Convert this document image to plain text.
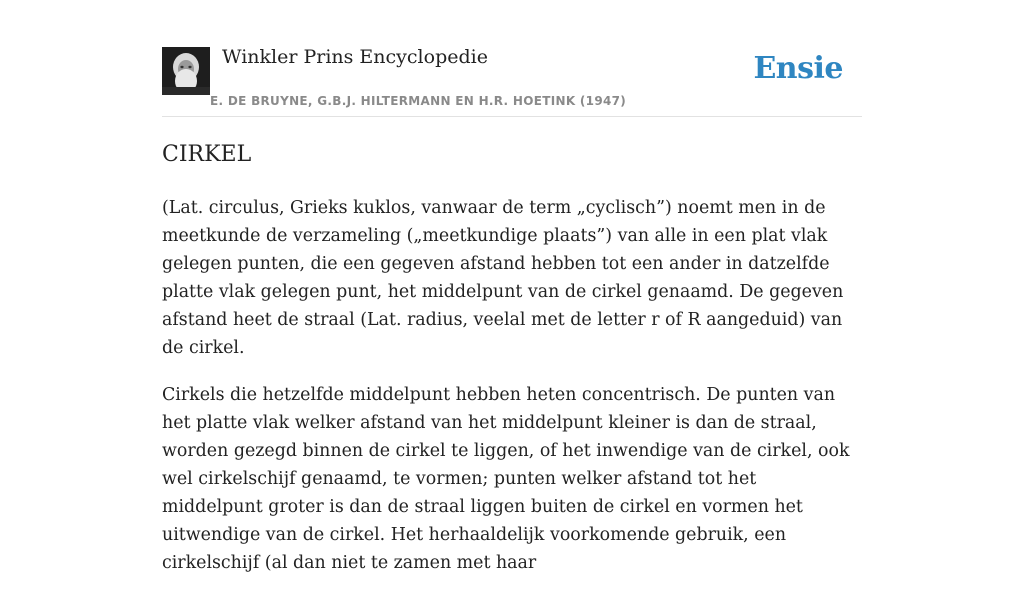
Winkler Prins Encyclopedie
E. DE BRUYNE, G.B.J. HILTERMANN EN H.R. HOETINK (1947)
Ensie
CIRKEL

(Lat. circulus, Grieks kuklos, vanwaar de term „cyclisch”) noemt men in de meetkunde de verzameling („meetkundige plaats”) van alle in een plat vlak gelegen punten, die een gegeven afstand hebben tot een ander in datzelfde platte vlak gelegen punt, het middelpunt van de cirkel genaamd. De gegeven afstand heet de straal (Lat. radius, veelal met de letter r of R aangeduid) van de cirkel.

Cirkels die hetzelfde middelpunt hebben heten concentrisch. De punten van het platte vlak welker afstand van het middelpunt kleiner is dan de straal, worden gezegd binnen de cirkel te liggen, of het inwendige van de cirkel, ook wel cirkelschijf genaamd, te vormen; punten welker afstand tot het middelpunt groter is dan de straal liggen buiten de cirkel en vormen het uitwendige van de cirkel. Het herhaaldelijk voorkomende gebruik, een cirkelschijf (al dan niet te zamen met haar
